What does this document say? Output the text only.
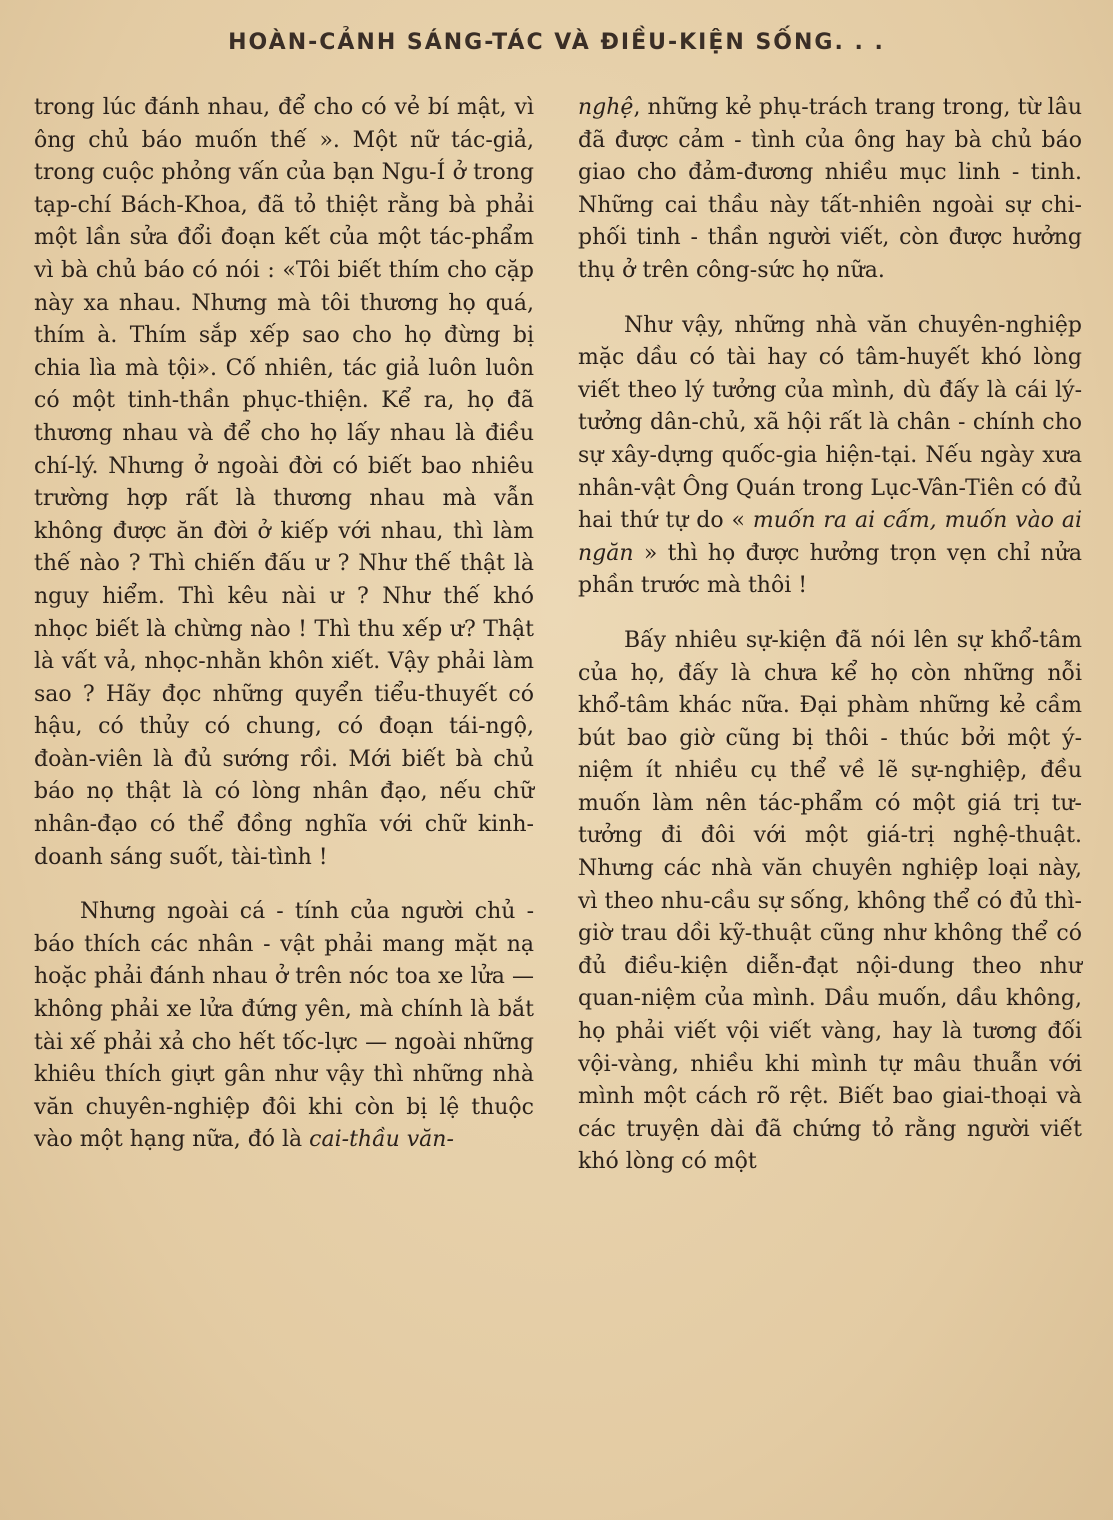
HOÀN-CẢNH SÁNG-TÁC VÀ ĐIỀU-KIỆN SỐNG. . .

trong lúc đánh nhau, để cho có vẻ bí mật, vì ông chủ báo muốn thế ». Một nữ tác-giả, trong cuộc phỏng vấn của bạn Ngu-Í ở trong tạp-chí Bách-Khoa, đã tỏ thiệt rằng bà phải một lần sửa đổi đoạn kết của một tác-phẩm vì bà chủ báo có nói : «Tôi biết thím cho cặp này xa nhau. Nhưng mà tôi thương họ quá, thím à. Thím sắp xếp sao cho họ đừng bị chia lìa mà tội». Cố nhiên, tác giả luôn luôn có một tinh-thần phục-thiện. Kể ra, họ đã thương nhau và để cho họ lấy nhau là điều chí-lý. Nhưng ở ngoài đời có biết bao nhiêu trường hợp rất là thương nhau mà vẫn không được ăn đời ở kiếp với nhau, thì làm thế nào ? Thì chiến đấu ư ? Như thế thật là nguy hiểm. Thì kêu nài ư ? Như thế khó nhọc biết là chừng nào ! Thì thu xếp ư? Thật là vất vả, nhọc-nhằn khôn xiết. Vậy phải làm sao ? Hãy đọc những quyển tiểu-thuyết có hậu, có thủy có chung, có đoạn tái-ngộ, đoàn-viên là đủ sướng rồi. Mới biết bà chủ báo nọ thật là có lòng nhân đạo, nếu chữ nhân-đạo có thể đồng nghĩa với chữ kinh-doanh sáng suốt, tài-tình !

Nhưng ngoài cá - tính của người chủ - báo thích các nhân - vật phải mang mặt nạ hoặc phải đánh nhau ở trên nóc toa xe lửa — không phải xe lửa đứng yên, mà chính là bắt tài xế phải xả cho hết tốc-lực — ngoài những khiêu thích giựt gân như vậy thì những nhà văn chuyên-nghiệp đôi khi còn bị lệ thuộc vào một hạng nữa, đó là cai-thầu văn-

nghệ, những kẻ phụ-trách trang trong, từ lâu đã được cảm - tình của ông hay bà chủ báo giao cho đảm-đương nhiều mục linh - tinh. Những cai thầu này tất-nhiên ngoài sự chi-phối tinh - thần người viết, còn được hưởng thụ ở trên công-sức họ nữa.

Như vậy, những nhà văn chuyên-nghiệp mặc dầu có tài hay có tâm-huyết khó lòng viết theo lý tưởng của mình, dù đấy là cái lý-tưởng dân-chủ, xã hội rất là chân - chính cho sự xây-dựng quốc-gia hiện-tại. Nếu ngày xưa nhân-vật Ông Quán trong Lục-Vân-Tiên có đủ hai thứ tự do « muốn ra ai cấm, muốn vào ai ngăn » thì họ được hưởng trọn vẹn chỉ nửa phần trước mà thôi !

Bấy nhiêu sự-kiện đã nói lên sự khổ-tâm của họ, đấy là chưa kể họ còn những nỗi khổ-tâm khác nữa. Đại phàm những kẻ cầm bút bao giờ cũng bị thôi - thúc bởi một ý-niệm ít nhiều cụ thể về lẽ sự-nghiệp, đều muốn làm nên tác-phẩm có một giá trị tư-tưởng đi đôi với một giá-trị nghệ-thuật. Nhưng các nhà văn chuyên nghiệp loại này, vì theo nhu-cầu sự sống, không thể có đủ thì-giờ trau dồi kỹ-thuật cũng như không thể có đủ điều-kiện diễn-đạt nội-dung theo như quan-niệm của mình. Dầu muốn, dầu không, họ phải viết vội viết vàng, hay là tương đối vội-vàng, nhiều khi mình tự mâu thuẫn với mình một cách rõ rệt. Biết bao giai-thoại và các truyện dài đã chứng tỏ rằng người viết khó lòng có một
